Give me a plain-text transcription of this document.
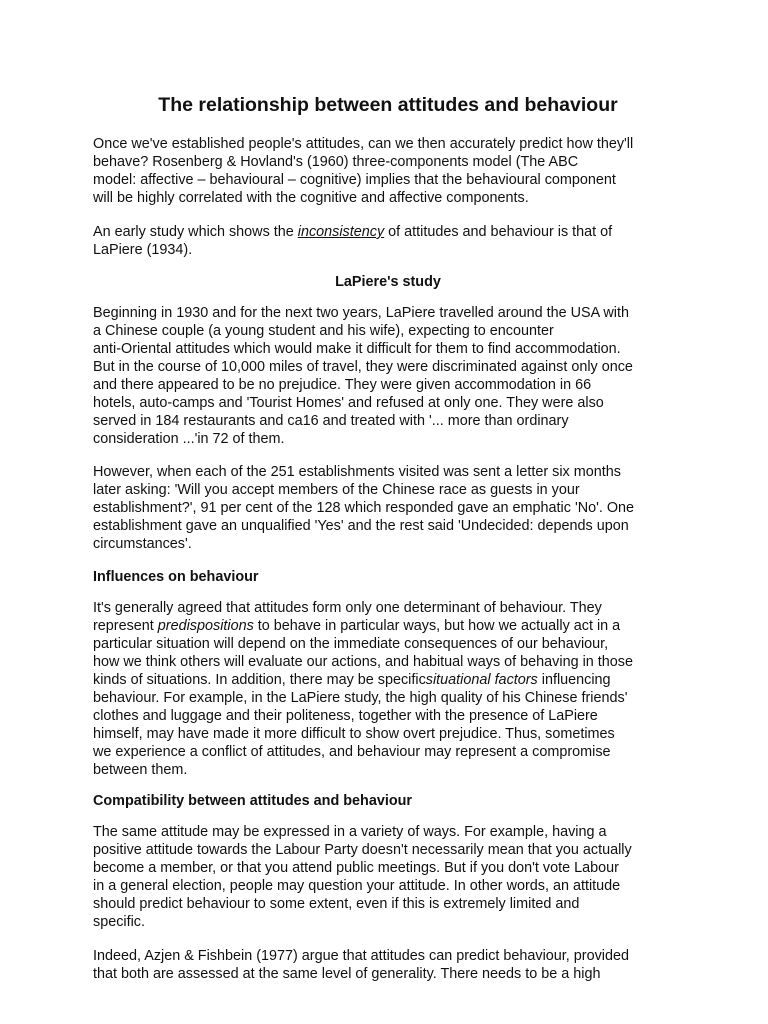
The relationship between attitudes and behaviour

Once we've established people's attitudes, can we then accurately predict how they'll
behave? Rosenberg & Hovland's (1960) three-components model (The ABC
model: affective – behavioural – cognitive) implies that the behavioural component
will be highly correlated with the cognitive and affective components.

An early study which shows the inconsistency of attitudes and behaviour is that of
LaPiere (1934).

LaPiere's study

Beginning in 1930 and for the next two years, LaPiere travelled around the USA with
a Chinese couple (a young student and his wife), expecting to encounter
anti-Oriental attitudes which would make it difficult for them to find accommodation.
But in the course of 10,000 miles of travel, they were discriminated against only once
and there appeared to be no prejudice. They were given accommodation in 66
hotels, auto-camps and 'Tourist Homes' and refused at only one. They were also
served in 184 restaurants and ca16 and treated with '... more than ordinary
consideration ...'in 72 of them.

However, when each of the 251 establishments visited was sent a letter six months
later asking: 'Will you accept members of the Chinese race as guests in your
establishment?', 91 per cent of the 128 which responded gave an emphatic 'No'. One
establishment gave an unqualified 'Yes' and the rest said 'Undecided: depends upon
circumstances'.

Influences on behaviour

It's generally agreed that attitudes form only one determinant of behaviour. They
represent predispositions to behave in particular ways, but how we actually act in a
particular situation will depend on the immediate consequences of our behaviour,
how we think others will evaluate our actions, and habitual ways of behaving in those
kinds of situations. In addition, there may be specificsituational factors influencing
behaviour. For example, in the LaPiere study, the high quality of his Chinese friends'
clothes and luggage and their politeness, together with the presence of LaPiere
himself, may have made it more difficult to show overt prejudice. Thus, sometimes
we experience a conflict of attitudes, and behaviour may represent a compromise
between them.

Compatibility between attitudes and behaviour

The same attitude may be expressed in a variety of ways. For example, having a
positive attitude towards the Labour Party doesn't necessarily mean that you actually
become a member, or that you attend public meetings. But if you don't vote Labour
in a general election, people may question your attitude. In other words, an attitude
should predict behaviour to some extent, even if this is extremely limited and
specific.

Indeed, Azjen & Fishbein (1977) argue that attitudes can predict behaviour, provided
that both are assessed at the same level of generality. There needs to be a high
